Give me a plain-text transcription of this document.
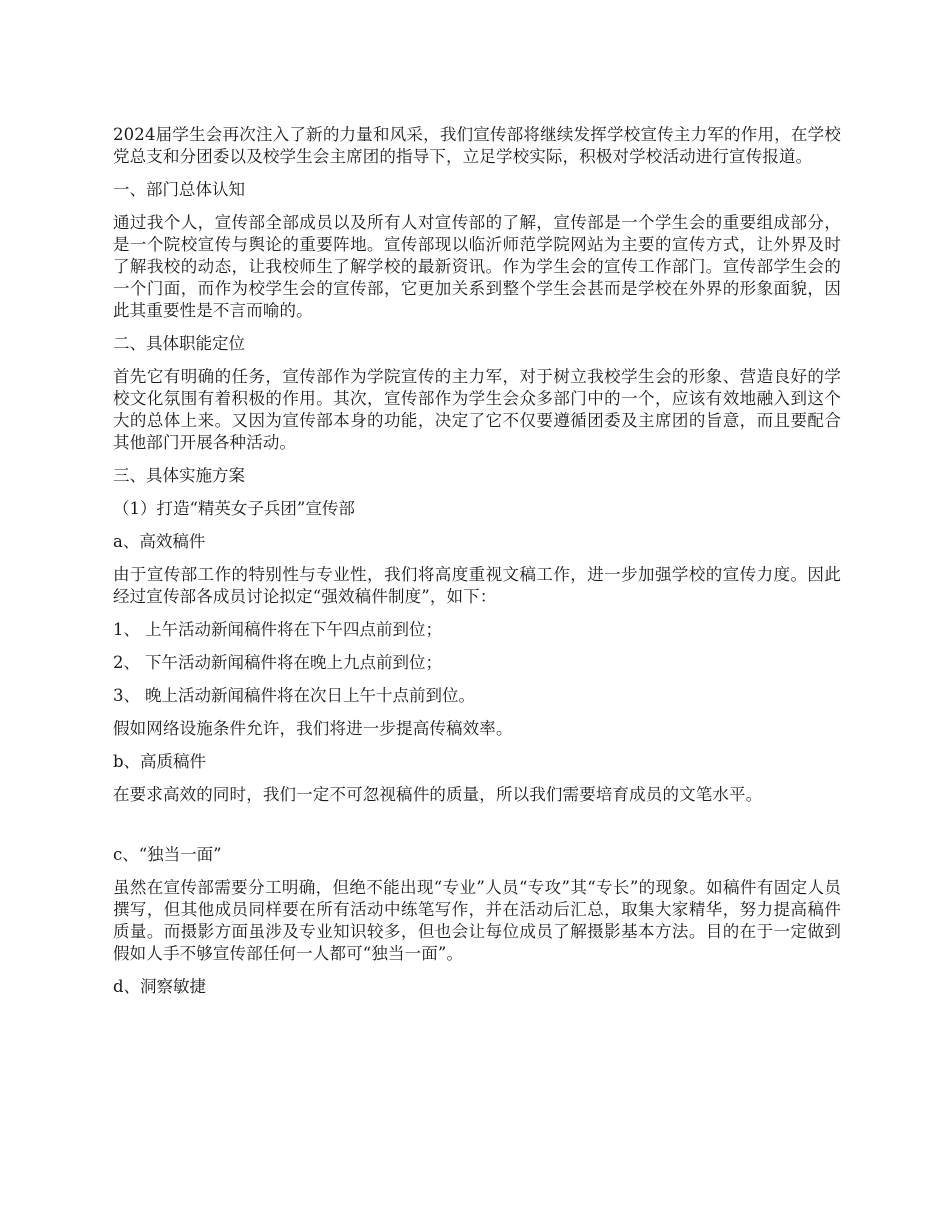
2024届学生会再次注入了新的力量和风采，我们宣传部将继续发挥学校宣传主力军的作用，在学校党总支和分团委以及校学生会主席团的指导下，立足学校实际，积极对学校活动进行宣传报道。

一、部门总体认知

通过我个人，宣传部全部成员以及所有人对宣传部的了解，宣传部是一个学生会的重要组成部分，是一个院校宣传与舆论的重要阵地。宣传部现以临沂师范学院网站为主要的宣传方式，让外界及时了解我校的动态，让我校师生了解学校的最新资讯。作为学生会的宣传工作部门。宣传部学生会的一个门面，而作为校学生会的宣传部，它更加关系到整个学生会甚而是学校在外界的形象面貌，因此其重要性是不言而喻的。

二、具体职能定位

首先它有明确的任务，宣传部作为学院宣传的主力军，对于树立我校学生会的形象、营造良好的学校文化氛围有着积极的作用。其次，宣传部作为学生会众多部门中的一个，应该有效地融入到这个大的总体上来。又因为宣传部本身的功能，决定了它不仅要遵循团委及主席团的旨意，而且要配合其他部门开展各种活动。

三、具体实施方案

（1）打造“精英女子兵团”宣传部

a、高效稿件

由于宣传部工作的特别性与专业性，我们将高度重视文稿工作，进一步加强学校的宣传力度。因此经过宣传部各成员讨论拟定“强效稿件制度”，如下：

1、 上午活动新闻稿件将在下午四点前到位；

2、 下午活动新闻稿件将在晚上九点前到位；

3、 晚上活动新闻稿件将在次日上午十点前到位。

假如网络设施条件允许，我们将进一步提高传稿效率。

b、高质稿件

在要求高效的同时，我们一定不可忽视稿件的质量，所以我们需要培育成员的文笔水平。

c、“独当一面”

虽然在宣传部需要分工明确，但绝不能出现“专业”人员“专攻”其“专长”的现象。如稿件有固定人员撰写，但其他成员同样要在所有活动中练笔写作，并在活动后汇总，取集大家精华，努力提高稿件质量。而摄影方面虽涉及专业知识较多，但也会让每位成员了解摄影基本方法。目的在于一定做到假如人手不够宣传部任何一人都可“独当一面”。

d、洞察敏捷
